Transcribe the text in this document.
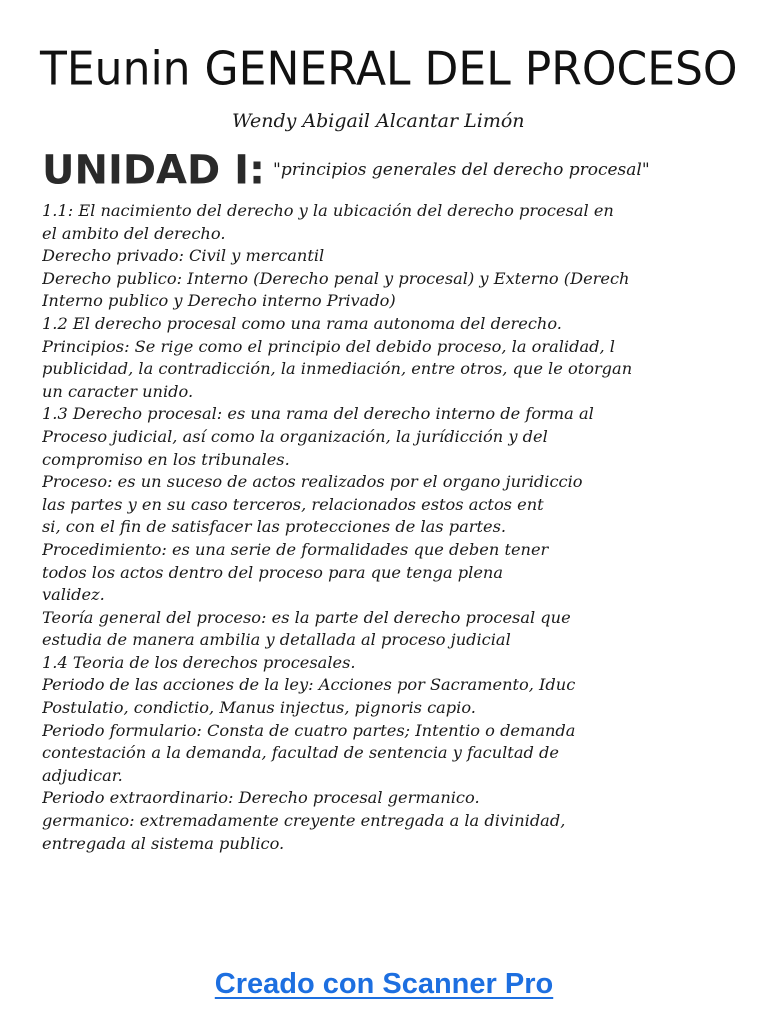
TEunin GENERAL DEL PROCESO
Wendy Abigail Alcantar Limón
UNIDAD I: "principios generales del derecho procesal"
1.1: El nacimiento del derecho y la ubicación del derecho procesal en
el ambito del derecho.
Derecho privado: Civil y mercantil
Derecho publico: Interno (Derecho penal y procesal) y Externo (Derech
Interno publico y Derecho interno Privado)
1.2 El derecho procesal como una rama autonoma del derecho.
Principios: Se rige como el principio del debido proceso, la oralidad, l
publicidad, la contradicción, la inmediación, entre otros, que le otorgan
un caracter unido.
1.3 Derecho procesal: es una rama del derecho interno de forma al
Proceso judicial, así como la organización, la jurídicción y del
compromiso en los tribunales.
Proceso: es un suceso de actos realizados por el organo juridiccio
las partes y en su caso terceros, relacionados estos actos ent
si, con el fin de satisfacer las protecciones de las partes.
Procedimiento: es una serie de formalidades que deben tener
todos los actos dentro del proceso para que tenga plena
validez.
Teoría general del proceso: es la parte del derecho procesal que
estudia de manera ambilia y detallada al proceso judicial
1.4 Teoria de los derechos procesales.
Periodo de las acciones de la ley: Acciones por Sacramento, Iduc
Postulatio, condictio, Manus injectus, pignoris capio.
Periodo formulario: Consta de cuatro partes; Intentio o demanda
contestación a la demanda, facultad de sentencia y facultad de
adjudicar.
Periodo extraordinario: Derecho procesal germanico.
germanico: extremadamente creyente entregada a la divinidad,
entregada al sistema publico.
Creado con Scanner Pro
